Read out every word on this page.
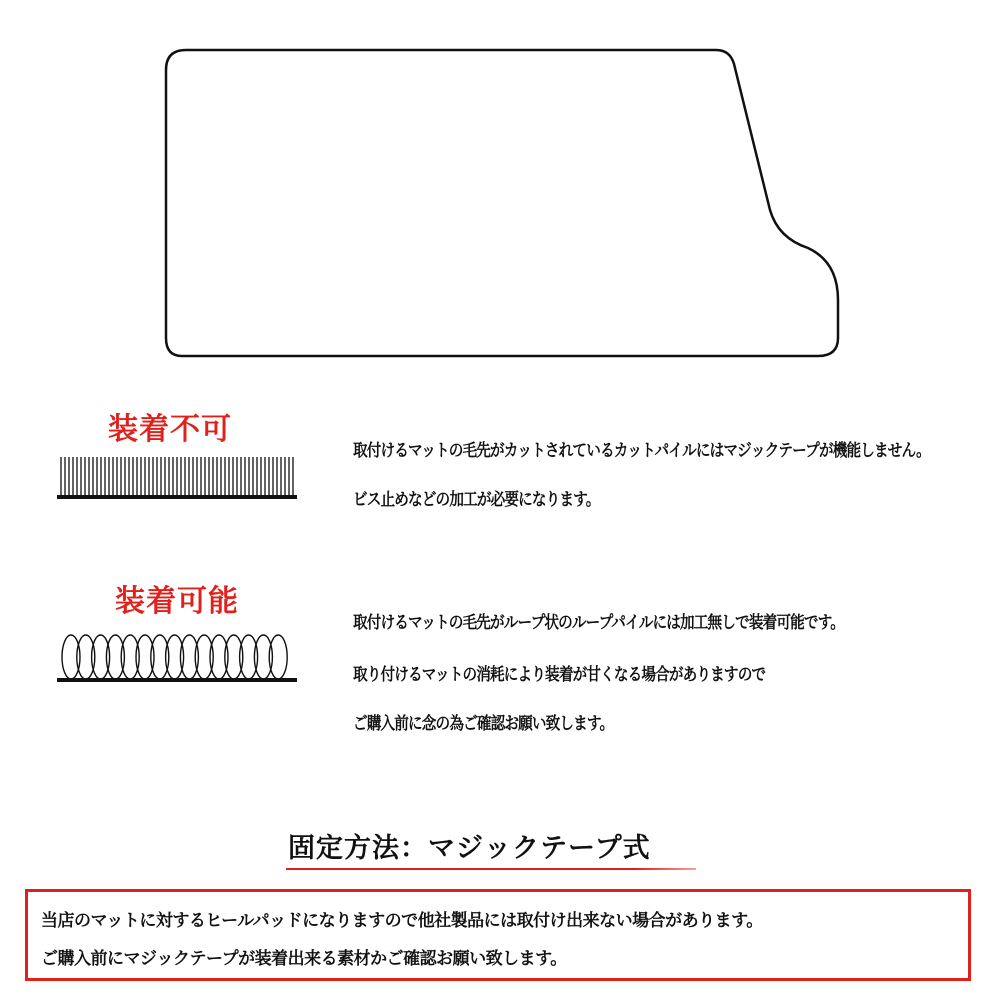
装着不可
取付けるマットの毛先がカットされているカットパイルにはマジックテープが機能しません。
ビス止めなどの加工が必要になります。
装着可能
取付けるマットの毛先がループ状のループパイルには加工無しで装着可能です。
取り付けるマットの消耗により装着が甘くなる場合がありますので
ご購入前に念の為ご確認お願い致します。
固定方法：マジックテープ式
当店のマットに対するヒールパッドになりますので他社製品には取付け出来ない場合があります。
ご購入前にマジックテープが装着出来る素材かご確認お願い致します。
